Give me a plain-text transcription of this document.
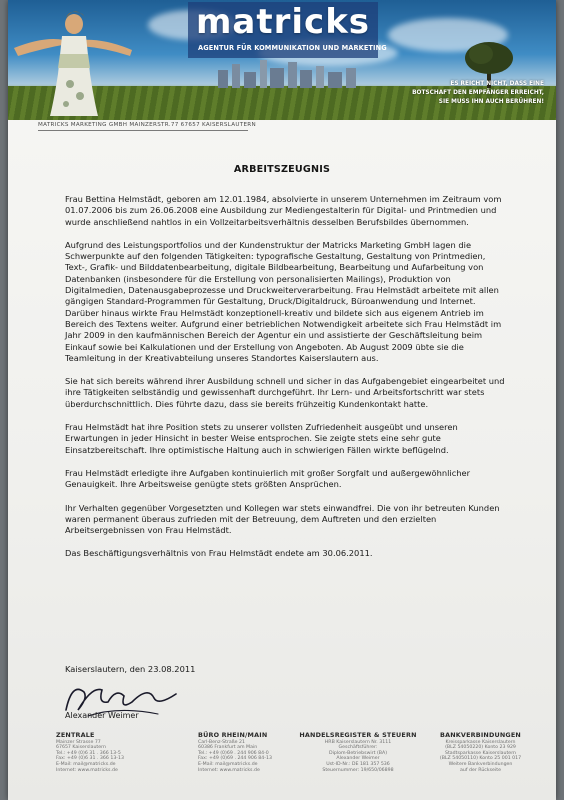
matricks
AGENTUR FÜR KOMMUNIKATION UND MARKETING
ES REICHT NICHT, DASS EINE
BOTSCHAFT DEN EMPFÄNGER ERREICHT,
SIE MUSS IHN AUCH BERÜHREN!
MATRICKS MARKETING GMBH MAINZERSTR.77 67657 KAISERSLAUTERN
ARBEITSZEUGNIS

Frau Bettina Helmstädt, geboren am 12.01.1984, absolvierte in unserem Unternehmen im Zeitraum vom 01.07.2006 bis zum 26.06.2008 eine Ausbildung zur Mediengestalterin für Digital- und Printmedien und wurde anschließend nahtlos in ein Vollzeitarbeitsverhältnis desselben Berufsbildes übernommen.

Aufgrund des Leistungsportfolios und der Kundenstruktur der Matricks Marketing GmbH lagen die Schwerpunkte auf den folgenden Tätigkeiten: typografische Gestaltung, Gestaltung von Printmedien, Text-, Grafik- und Bilddatenbearbeitung, digitale Bildbearbeitung, Bearbeitung und Aufarbeitung von Datenbanken (insbesondere für die Erstellung von personalisierten Mailings), Produktion von Digitalmedien, Datenausgabeprozesse und Druckweiterverarbeitung. Frau Helmstädt arbeitete mit allen gängigen Standard-Programmen für Gestaltung, Druck/Digitaldruck, Büroanwendung und Internet. Darüber hinaus wirkte Frau Helmstädt konzeptionell-kreativ und bildete sich aus eigenem Antrieb im Bereich des Textens weiter. Aufgrund einer betrieblichen Notwendigkeit arbeitete sich Frau Helmstädt im Jahr 2009 in den kaufmännischen Bereich der Agentur ein und assistierte der Geschäftsleitung beim Einkauf sowie bei Kalkulationen und der Erstellung von Angeboten. Ab August 2009 übte sie die Teamleitung in der Kreativabteilung unseres Standortes Kaiserslautern aus.

Sie hat sich bereits während ihrer Ausbildung schnell und sicher in das Aufgabengebiet eingearbeitet und ihre Tätigkeiten selbständig und gewissenhaft durchgeführt. Ihr Lern- und Arbeitsfortschritt war stets überdurchschnittlich. Dies führte dazu, dass sie bereits frühzeitig Kundenkontakt hatte.

Frau Helmstädt hat ihre Position stets zu unserer vollsten Zufriedenheit ausgeübt und unseren Erwartungen in jeder Hinsicht in bester Weise entsprochen. Sie zeigte stets eine sehr gute Einsatzbereitschaft. Ihre optimistische Haltung auch in schwierigen Fällen wirkte beflügelnd.

Frau Helmstädt erledigte ihre Aufgaben kontinuierlich mit großer Sorgfalt und außergewöhnlicher Genauigkeit. Ihre Arbeitsweise genügte stets größten Ansprüchen.

Ihr Verhalten gegenüber Vorgesetzten und Kollegen war stets einwandfrei. Die von ihr betreuten Kunden waren permanent überaus zufrieden mit der Betreuung, dem Auftreten und den erzielten Arbeitsergebnissen von Frau Helmstädt.

Das Beschäftigungsverhältnis von Frau Helmstädt endete am 30.06.2011.

Kaiserslautern, den 23.08.2011
Alexander Weimer
ZENTRALE
Mainzer Strasse 77
67657 Kaiserslautern
Tel.: +49 (0)6 31 . 366 13-5
Fax: +49 (0)6 31 . 366 13-13
E-Mail: mail@matricks.de
Internet: www.matricks.de
BÜRO RHEIN/MAIN
Carl-Benz-Straße 21
60386 Frankfurt am Main
Tel.: +49 (0)69 . 244 906 84-0
Fax: +49 (0)69 . 244 906 84-13
E-Mail: mail@matricks.de
Internet: www.matricks.de
HANDELSREGISTER & STEUERN
HRB Kaiserslautern Nr. 3111
Geschäftsführer:
Diplom-Betriebswirt (BA)
Alexander Weimer
Ust-ID-Nr.: DE 181 357 536
Steuernummer: 19/650/06898
BANKVERBINDUNGEN
Kreissparkasse Kaiserslautern
(BLZ 54050220) Konto 23 929
Stadtsparkasse Kaiserslautern
(BLZ 54050110) Konto 25 001 017
Weitere Bankverbindungen
auf der Rückseite
